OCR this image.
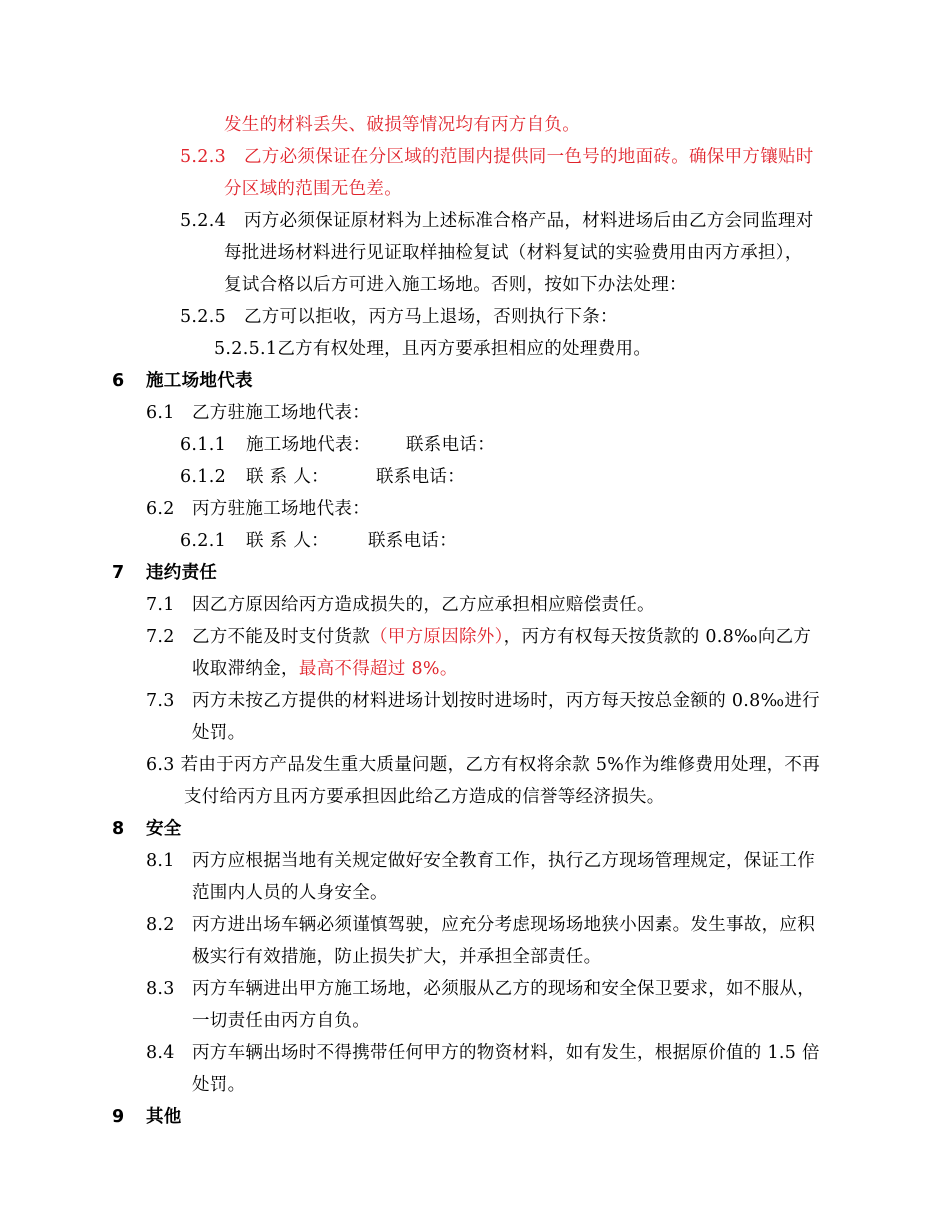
发生的材料丢失、破损等情况均有丙方自负。
5.2.3 乙方必须保证在分区域的范围内提供同一色号的地面砖。确保甲方镶贴时
分区域的范围无色差。
5.2.4 丙方必须保证原材料为上述标准合格产品，材料进场后由乙方会同监理对
每批进场材料进行见证取样抽检复试（材料复试的实验费用由丙方承担），
复试合格以后方可进入施工场地。否则，按如下办法处理：
5.2.5 乙方可以拒收，丙方马上退场，否则执行下条：
5.2.5.1乙方有权处理，且丙方要承担相应的处理费用。
6 施工场地代表
6.1 乙方驻施工场地代表：
6.1.1 施工场地代表： 联系电话：
6.1.2 联 系 人：	联系电话：
6.2 丙方驻施工场地代表：
6.2.1 联 系 人： 联系电话：
7 违约责任
7.1 因乙方原因给丙方造成损失的，乙方应承担相应赔偿责任。
7.2 乙方不能及时支付货款（甲方原因除外），丙方有权每天按货款的 0.8‰向乙方
收取滞纳金，最高不得超过 8%。
7.3 丙方未按乙方提供的材料进场计划按时进场时，丙方每天按总金额的 0.8‰进行
处罚。
6.3 若由于丙方产品发生重大质量问题，乙方有权将余款 5%作为维修费用处理，不再
支付给丙方且丙方要承担因此给乙方造成的信誉等经济损失。
8 安全
8.1 丙方应根据当地有关规定做好安全教育工作，执行乙方现场管理规定，保证工作
范围内人员的人身安全。
8.2 丙方进出场车辆必须谨慎驾驶，应充分考虑现场场地狭小因素。发生事故，应积
极实行有效措施，防止损失扩大，并承担全部责任。
8.3 丙方车辆进出甲方施工场地，必须服从乙方的现场和安全保卫要求，如不服从，
一切责任由丙方自负。
8.4 丙方车辆出场时不得携带任何甲方的物资材料，如有发生，根据原价值的 1.5 倍
处罚。
9 其他
